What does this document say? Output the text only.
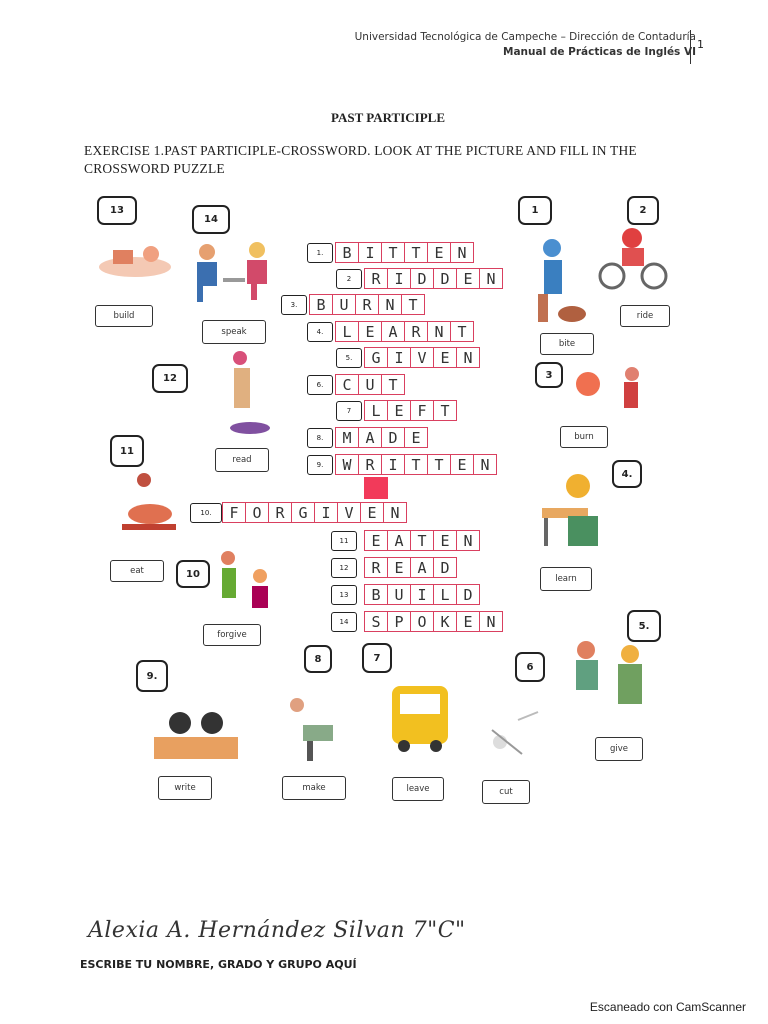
Universidad Tecnológica de Campeche – Dirección de Contaduría
Manual de Prácticas de Inglés VI
1
PAST PARTICIPLE
EXERCISE 1.PAST PARTICIPLE-CROSSWORD. LOOK AT THE PICTURE AND FILL IN THE CROSSWORD PUZZLE
13
14
1	2
12	3
11
4.
10
5.
9.
8	7
6
build
speak
ride
bite
read
burn
eat
learn
forgive
give
write	make	leave	cut
1.	B I T T E N
2	R I D D E N
3.	B U R N T
4.	L E A R N T
5.	G I V E N
6.	C U T
7	L E F T
8.	M A D E
9.	W R I T T E N
10.	F O R G I V E N
11	E A T E N
12	R E A D
13	B U I L D
14	S P O K E N
Alexia A. Hernández Silvan 7"C"
ESCRIBE TU NOMBRE, GRADO Y GRUPO AQUÍ
Escaneado con CamScanner
